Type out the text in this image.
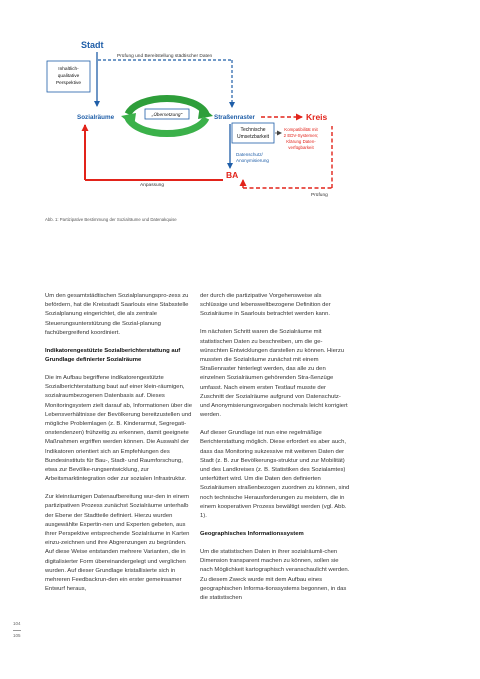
Stadt
Prüfung und Bereitstellung städtischer Daten
Inhaltlich-
qualitative
Perspektive
Sozialräume	„Übersetzung"	Straßenraster	Kreis
Technische
Umsetzbarkeit
Kompatibilität mit
2 EDV-Systemen;
Klärung Daten-
verfügbarkeit
Datenschutz/
Anonymisierung
BA
Anpassung
Prüfung
Abb. 1: Partizipative Bestimmung der Sozialräume und Datenakquise

Um den gesamtstädtischen Sozialplanungspro-zess zu befördern, hat die Kreisstadt Saarlouis eine Stabsstelle Sozialplanung eingerichtet, die als zentrale Steuerungsunterstützung die Sozial-planung fachübergreifend koordiniert.

Indikatorengestützte Sozialberichterstattung auf Grundlage definierter Sozialräume

Die im Aufbau begriffene indikatorengestützte Sozialberichterstattung baut auf einer klein-räumigen, sozialraumbezogenen Datenbasis auf. Dieses Monitoringsystem zielt darauf ab, Informationen über die Lebensverhältnisse der Bevölkerung bereitzustellen und mögliche Problemlagen (z. B. Kinderarmut, Segregati-onstendenzen) frühzeitig zu erkennen, damit geeignete Maßnahmen ergriffen werden können. Die Auswahl der Indikatoren orientiert sich an Empfehlungen des Bundesinstituts für Bau-, Stadt- und Raumforschung, etwa zur Bevölke-rungsentwicklung, zur Arbeitsmarktintegration oder zur sozialen Infrastruktur.

Zur kleinräumigen Datenaufbereitung wur-den in einem partizipativen Prozess zunächst Sozialräume unterhalb der Ebene der Stadtteile definiert. Hierzu wurden ausgewählte Expertin-nen und Experten gebeten, aus ihrer Perspektive entsprechende Sozialräume in Karten einzu-zeichnen und ihre Abgrenzungen zu begründen. Auf diese Weise entstanden mehrere Varianten, die in digitalisierter Form übereinandergelegt und verglichen wurden. Auf dieser Grundlage kristallisierte sich in mehreren Feedbackrun-den ein erster gemeinsamer Entwurf heraus,

der durch die partizipative Vorgehensweise als schlüssige und lebensweltbezogene Definition der Sozialräume in Saarlouis betrachtet werden kann.

Im nächsten Schritt waren die Sozialräume mit statistischen Daten zu beschreiben, um die ge-wünschten Entwicklungen darstellen zu können. Hierzu mussten die Sozialräume zunächst mit einem Straßenraster hinterlegt werden, das alle zu den einzelnen Sozialräumen gehörenden Stra-ßenzüge umfasst. Nach einem ersten Testlauf musste der Zuschnitt der Sozialräume aufgrund von Datenschutz- und Anonymisierungsvorgaben nochmals leicht korrigiert werden.

Auf dieser Grundlage ist nun eine regelmäßige Berichterstattung möglich. Diese erfordert es aber auch, dass das Monitoring sukzessive mit weiteren Daten der Stadt (z. B. zur Bevölkerungs-struktur und zur Mobilität) und des Landkreises (z. B. Statistiken des Sozialamtes) unterfüttert wird. Um die Daten den definierten Sozialräumen straßenbezogen zuordnen zu können, sind noch technische Herausforderungen zu meistern, die in einem kooperativen Prozess bewältigt werden (vgl. Abb. 1).

Geographisches Informationssystem

Um die statistischen Daten in ihrer sozialräumli-chen Dimension transparent machen zu können, sollen sie nach Möglichkeit kartographisch veranschaulicht werden. Zu diesem Zweck wurde mit dem Aufbau eines geographischen Informa-tionssystems begonnen, in das die statistischen

104
105
